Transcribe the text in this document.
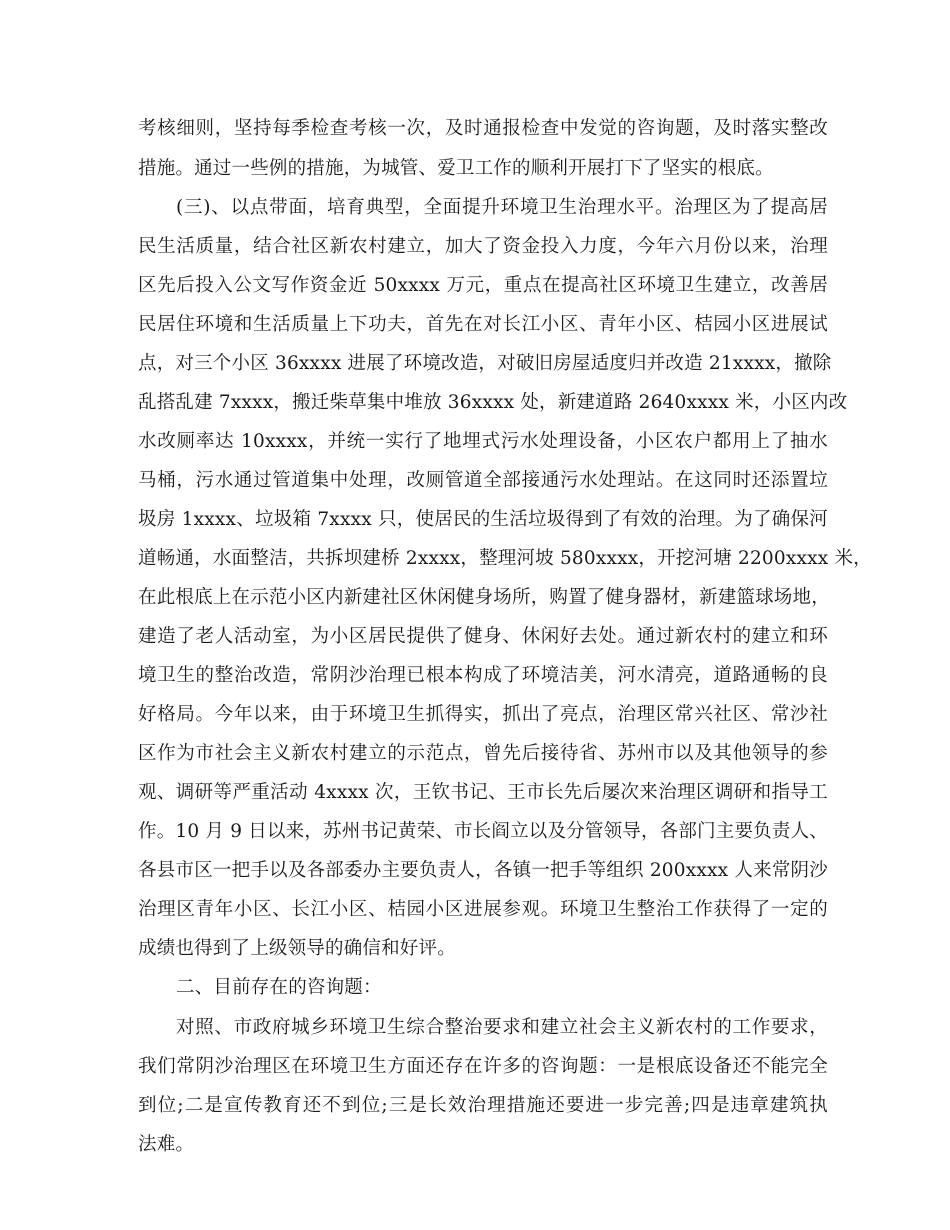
考核细则，坚持每季检查考核一次，及时通报检查中发觉的咨询题，及时落实整改
措施。通过一些例的措施，为城管、爱卫工作的顺利开展打下了坚实的根底。
(三)、以点带面，培育典型，全面提升环境卫生治理水平。治理区为了提高居
民生活质量，结合社区新农村建立，加大了资金投入力度，今年六月份以来，治理
区先后投入公文写作资金近 50xxxx 万元，重点在提高社区环境卫生建立，改善居
民居住环境和生活质量上下功夫，首先在对长江小区、青年小区、桔园小区进展试
点，对三个小区 36xxxx 进展了环境改造，对破旧房屋适度归并改造 21xxxx，撤除
乱搭乱建 7xxxx，搬迁柴草集中堆放 36xxxx 处，新建道路 2640xxxx 米，小区内改
水改厕率达 10xxxx，并统一实行了地埋式污水处理设备，小区农户都用上了抽水
马桶，污水通过管道集中处理，改厕管道全部接通污水处理站。在这同时还添置垃
圾房 1xxxx、垃圾箱 7xxxx 只，使居民的生活垃圾得到了有效的治理。为了确保河
道畅通，水面整洁，共拆坝建桥 2xxxx，整理河坡 580xxxx，开挖河塘 2200xxxx 米，
在此根底上在示范小区内新建社区休闲健身场所，购置了健身器材，新建篮球场地，
建造了老人活动室，为小区居民提供了健身、休闲好去处。通过新农村的建立和环
境卫生的整治改造，常阴沙治理已根本构成了环境洁美，河水清亮，道路通畅的良
好格局。今年以来，由于环境卫生抓得实，抓出了亮点，治理区常兴社区、常沙社
区作为市社会主义新农村建立的示范点，曾先后接待省、苏州市以及其他领导的参
观、调研等严重活动 4xxxx 次，王钦书记、王市长先后屡次来治理区调研和指导工
作。10 月 9 日以来，苏州书记黄荣、市长阎立以及分管领导，各部门主要负责人、
各县市区一把手以及各部委办主要负责人，各镇一把手等组织 200xxxx 人来常阴沙
治理区青年小区、长江小区、桔园小区进展参观。环境卫生整治工作获得了一定的
成绩也得到了上级领导的确信和好评。
二、目前存在的咨询题：
对照、市政府城乡环境卫生综合整治要求和建立社会主义新农村的工作要求，
我们常阴沙治理区在环境卫生方面还存在许多的咨询题：一是根底设备还不能完全
到位;二是宣传教育还不到位;三是长效治理措施还要进一步完善;四是违章建筑执
法难。
